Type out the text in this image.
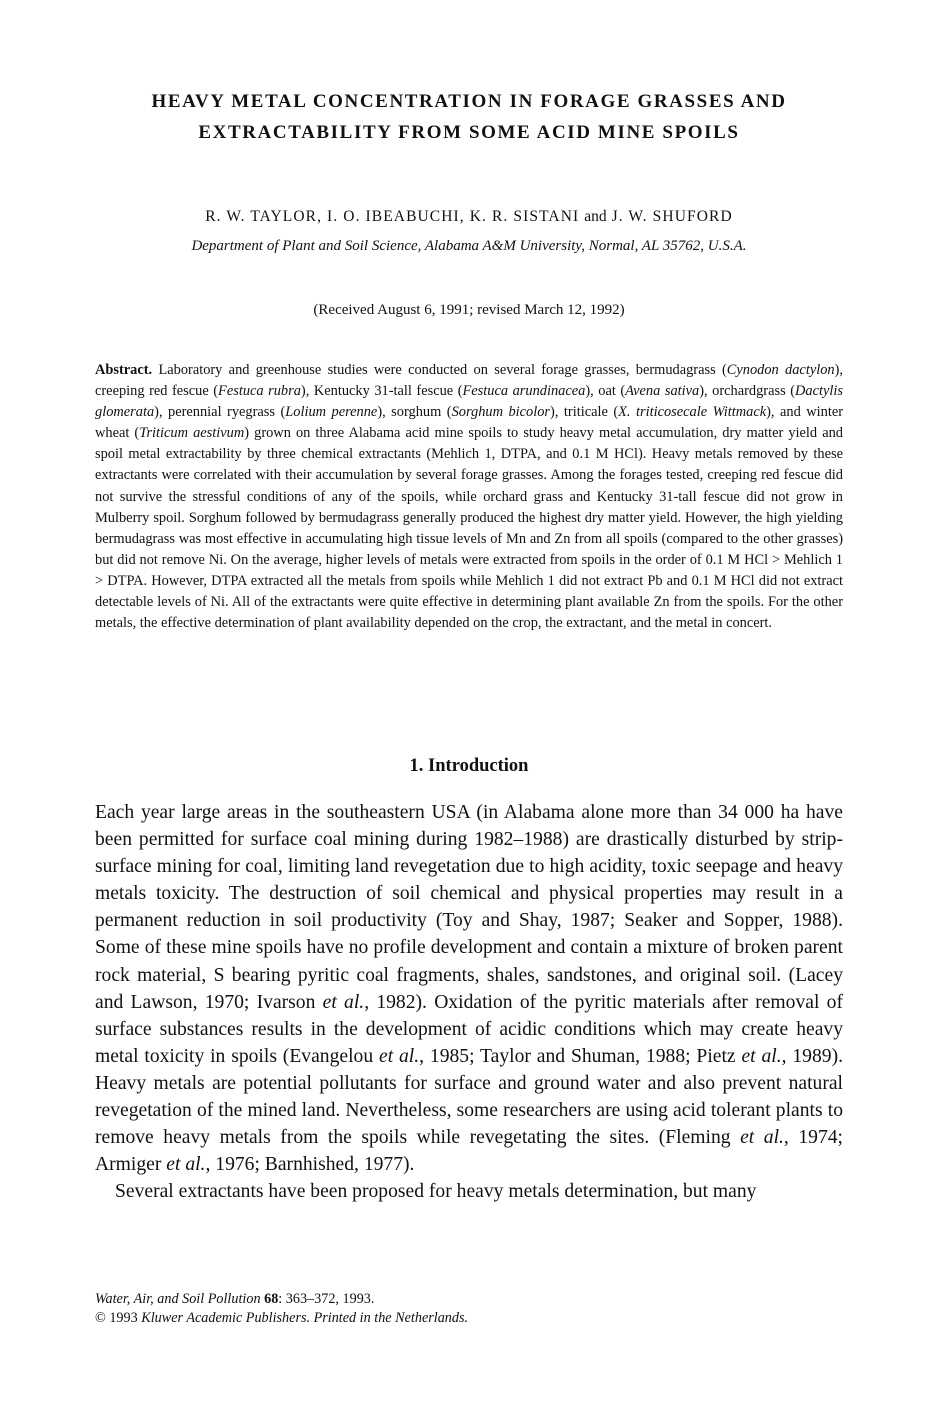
HEAVY METAL CONCENTRATION IN FORAGE GRASSES AND
EXTRACTABILITY FROM SOME ACID MINE SPOILS

R. W. TAYLOR, I. O. IBEABUCHI, K. R. SISTANI and J. W. SHUFORD

Department of Plant and Soil Science, Alabama A&M University, Normal, AL 35762, U.S.A.

(Received August 6, 1991; revised March 12, 1992)

Abstract. Laboratory and greenhouse studies were conducted on several forage grasses, bermudagrass (Cynodon dactylon), creeping red fescue (Festuca rubra), Kentucky 31-tall fescue (Festuca arundinacea), oat (Avena sativa), orchardgrass (Dactylis glomerata), perennial ryegrass (Lolium perenne), sorghum (Sorghum bicolor), triticale (X. triticosecale Wittmack), and winter wheat (Triticum aestivum) grown on three Alabama acid mine spoils to study heavy metal accumulation, dry matter yield and spoil metal extractability by three chemical extractants (Mehlich 1, DTPA, and 0.1 M HCl). Heavy metals removed by these extractants were correlated with their accumulation by several forage grasses. Among the forages tested, creeping red fescue did not survive the stressful conditions of any of the spoils, while orchard grass and Kentucky 31-tall fescue did not grow in Mulberry spoil. Sorghum followed by bermudagrass generally produced the highest dry matter yield. However, the high yielding bermudagrass was most effective in accumulating high tissue levels of Mn and Zn from all spoils (compared to the other grasses) but did not remove Ni. On the average, higher levels of metals were extracted from spoils in the order of 0.1 M HCl > Mehlich 1 > DTPA. However, DTPA extracted all the metals from spoils while Mehlich 1 did not extract Pb and 0.1 M HCl did not extract detectable levels of Ni. All of the extractants were quite effective in determining plant available Zn from the spoils. For the other metals, the effective determination of plant availability depended on the crop, the extractant, and the metal in concert.

1. Introduction

Each year large areas in the southeastern USA (in Alabama alone more than 34 000 ha have been permitted for surface coal mining during 1982–1988) are drastically disturbed by strip-surface mining for coal, limiting land revegetation due to high acidity, toxic seepage and heavy metals toxicity. The destruction of soil chemical and physical properties may result in a permanent reduction in soil productivity (Toy and Shay, 1987; Seaker and Sopper, 1988). Some of these mine spoils have no profile development and contain a mixture of broken parent rock material, S bearing pyritic coal fragments, shales, sandstones, and original soil. (Lacey and Lawson, 1970; Ivarson et al., 1982). Oxidation of the pyritic materials after removal of surface substances results in the development of acidic conditions which may create heavy metal toxicity in spoils (Evangelou et al., 1985; Taylor and Shuman, 1988; Pietz et al., 1989). Heavy metals are potential pollutants for surface and ground water and also prevent natural revegetation of the mined land. Nevertheless, some researchers are using acid tolerant plants to remove heavy metals from the spoils while revegetating the sites. (Fleming et al., 1974; Armiger et al., 1976; Barnhished, 1977).

Several extractants have been proposed for heavy metals determination, but many

Water, Air, and Soil Pollution 68: 363–372, 1993.
© 1993 Kluwer Academic Publishers. Printed in the Netherlands.
